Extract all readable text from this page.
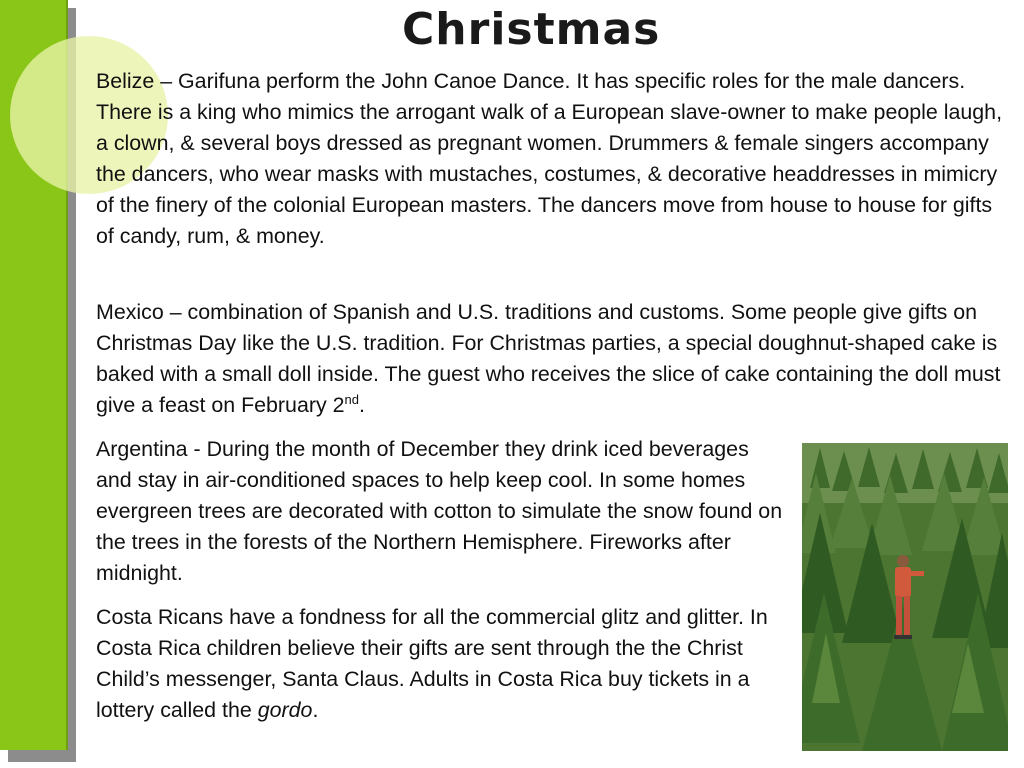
Christmas

Belize – Garifuna perform the John Canoe Dance. It has specific roles for the male dancers. There is a king who mimics the arrogant walk of a European slave-owner to make people laugh, a clown, & several boys dressed as pregnant women. Drummers & female singers accompany the dancers, who wear masks with mustaches, costumes, & decorative headdresses in mimicry of the finery of the colonial European masters. The dancers move from house to house for gifts of candy, rum, & money.

Mexico – combination of Spanish and U.S. traditions and customs. Some people give gifts on Christmas Day like the U.S. tradition. For Christmas parties, a special doughnut-shaped cake is baked with a small doll inside. The guest who receives the slice of cake containing the doll must give a feast on February 2nd.

Argentina - During the month of December they drink iced beverages and stay in air-conditioned spaces to help keep cool. In some homes evergreen trees are decorated with cotton to simulate the snow found on the trees in the forests of the Northern Hemisphere. Fireworks after midnight.

Costa Ricans have a fondness for all the commercial glitz and glitter. In Costa Rica children believe their gifts are sent through the the Christ Child’s messenger, Santa Claus. Adults in Costa Rica buy tickets in a lottery called the gordo.
